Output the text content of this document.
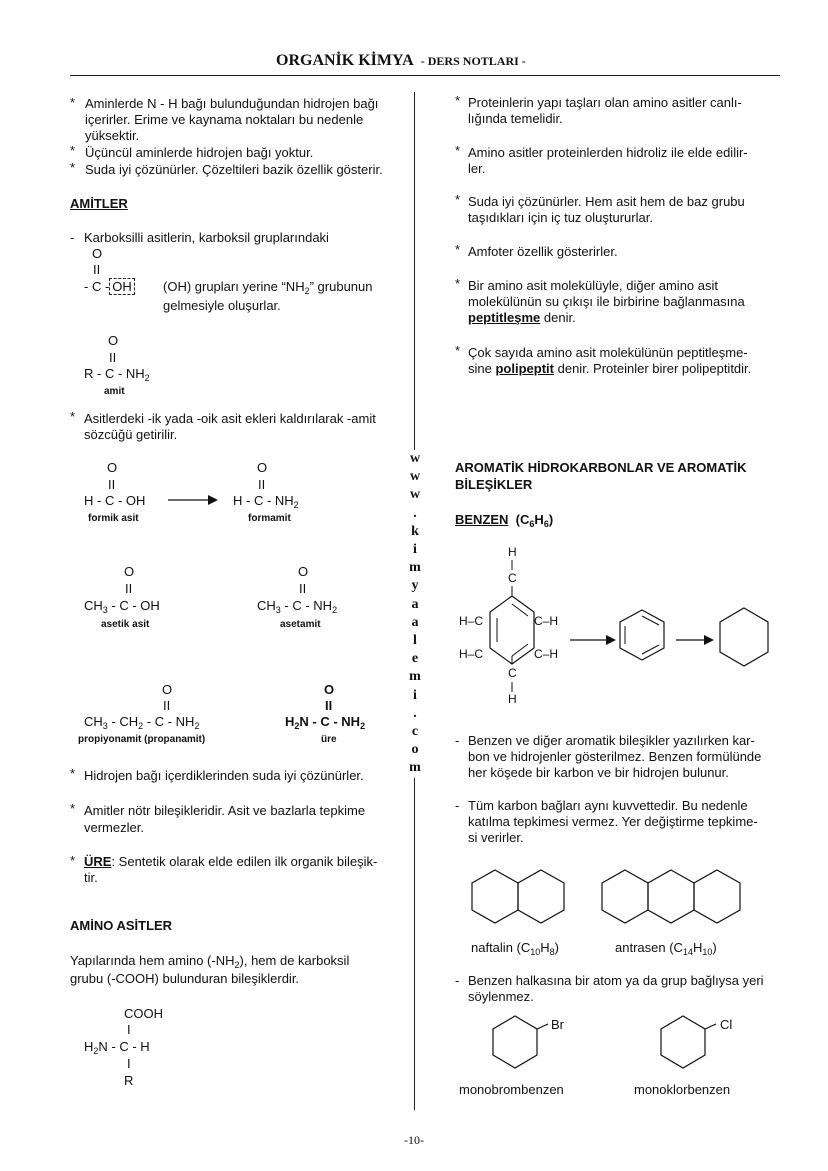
ORGANİK KİMYA - DERS NOTLARI -
w
w
w
.
k
i
m
y
a
a
l
e
m
i
.
c
o
m
* Aminlerde N - H bağı bulunduğundan hidrojen bağı
içerirler. Erime ve kaynama noktaları bu nedenle
yüksektir.
* Üçüncül aminlerde hidrojen bağı yoktur.
* Suda iyi çözünürler. Çözeltileri bazik özellik gösterir.
AMİTLER
- Karboksilli asitlerin, karboksil gruplarındaki
O
II
- C - OH (OH) grupları yerine “$NH_2$” grubunun
gelmesiyle oluşurlar.
O
II
R - C - $NH_2$
amit
* Asitlerdeki -ik yada -oik asit ekleri kaldırılarak -amit
sözcüğü getirilir.
O
II
H - C - OH
formik asit
O
II
H - C - $NH_2$
formamit
O
II
$CH_3$ - C - OH
asetik asit
O
II
$CH_3$ - C - $NH_2$
asetamit
O
II
$CH_3 - CH_2$ - C - $NH_2$
propiyonamit (propanamit)
O
II
$H_2N$ - C - $NH_2$
üre
* Hidrojen bağı içerdiklerinden suda iyi çözünürler.
* Amitler nötr bileşikleridir. Asit ve bazlarla tepkime
vermezler.
* ÜRE: Sentetik olarak elde edilen ilk organik bileşik-
tir.
AMİNO ASİTLER
Yapılarında hem amino $(-NH_2)$, hem de karboksil
grubu (-COOH) bulunduran bileşiklerdir.
COOH
I
$H_2N$ - C - H
I
R
* Proteinlerin yapı taşları olan amino asitler canlı-
lığında temelidir.
* Amino asitler proteinlerden hidroliz ile elde edilir-
ler.
* Suda iyi çözünürler. Hem asit hem de baz grubu
taşıdıkları için iç tuz oluştururlar.
* Amfoter özellik gösterirler.
* Bir amino asit molekülüyle, diğer amino asit
molekülünün su çıkışı ile birbirine bağlanmasına
peptitleşme denir.
* Çok sayıda amino asit molekülünün peptitleşme-
sine polipeptit denir. Proteinler birer polipeptitdir.
AROMATİK HİDROKARBONLAR VE AROMATİK
BİLEŞİKLER
BENZEN  $(C_6H_6)$
H
C
H
C
H–C
H–C
C–H
C–H
- Benzen ve diğer aromatik bileşikler yazılırken kar-
bon ve hidrojenler gösterilmez. Benzen formülünde
her köşede bir karbon ve bir hidrojen bulunur.
- Tüm karbon bağları aynı kuvvettedir. Bu nedenle
katılma tepkimesi vermez. Yer değiştirme tepkime-
si verirler.
naftalin $(C_{10}H_8)$	antrasen $(C_{14}H_{10})$
- Benzen halkasına bir atom ya da grup bağlıysa yeri
söylenmez.
Br	Cl
monobrombenzen	monoklorbenzen
-10-
